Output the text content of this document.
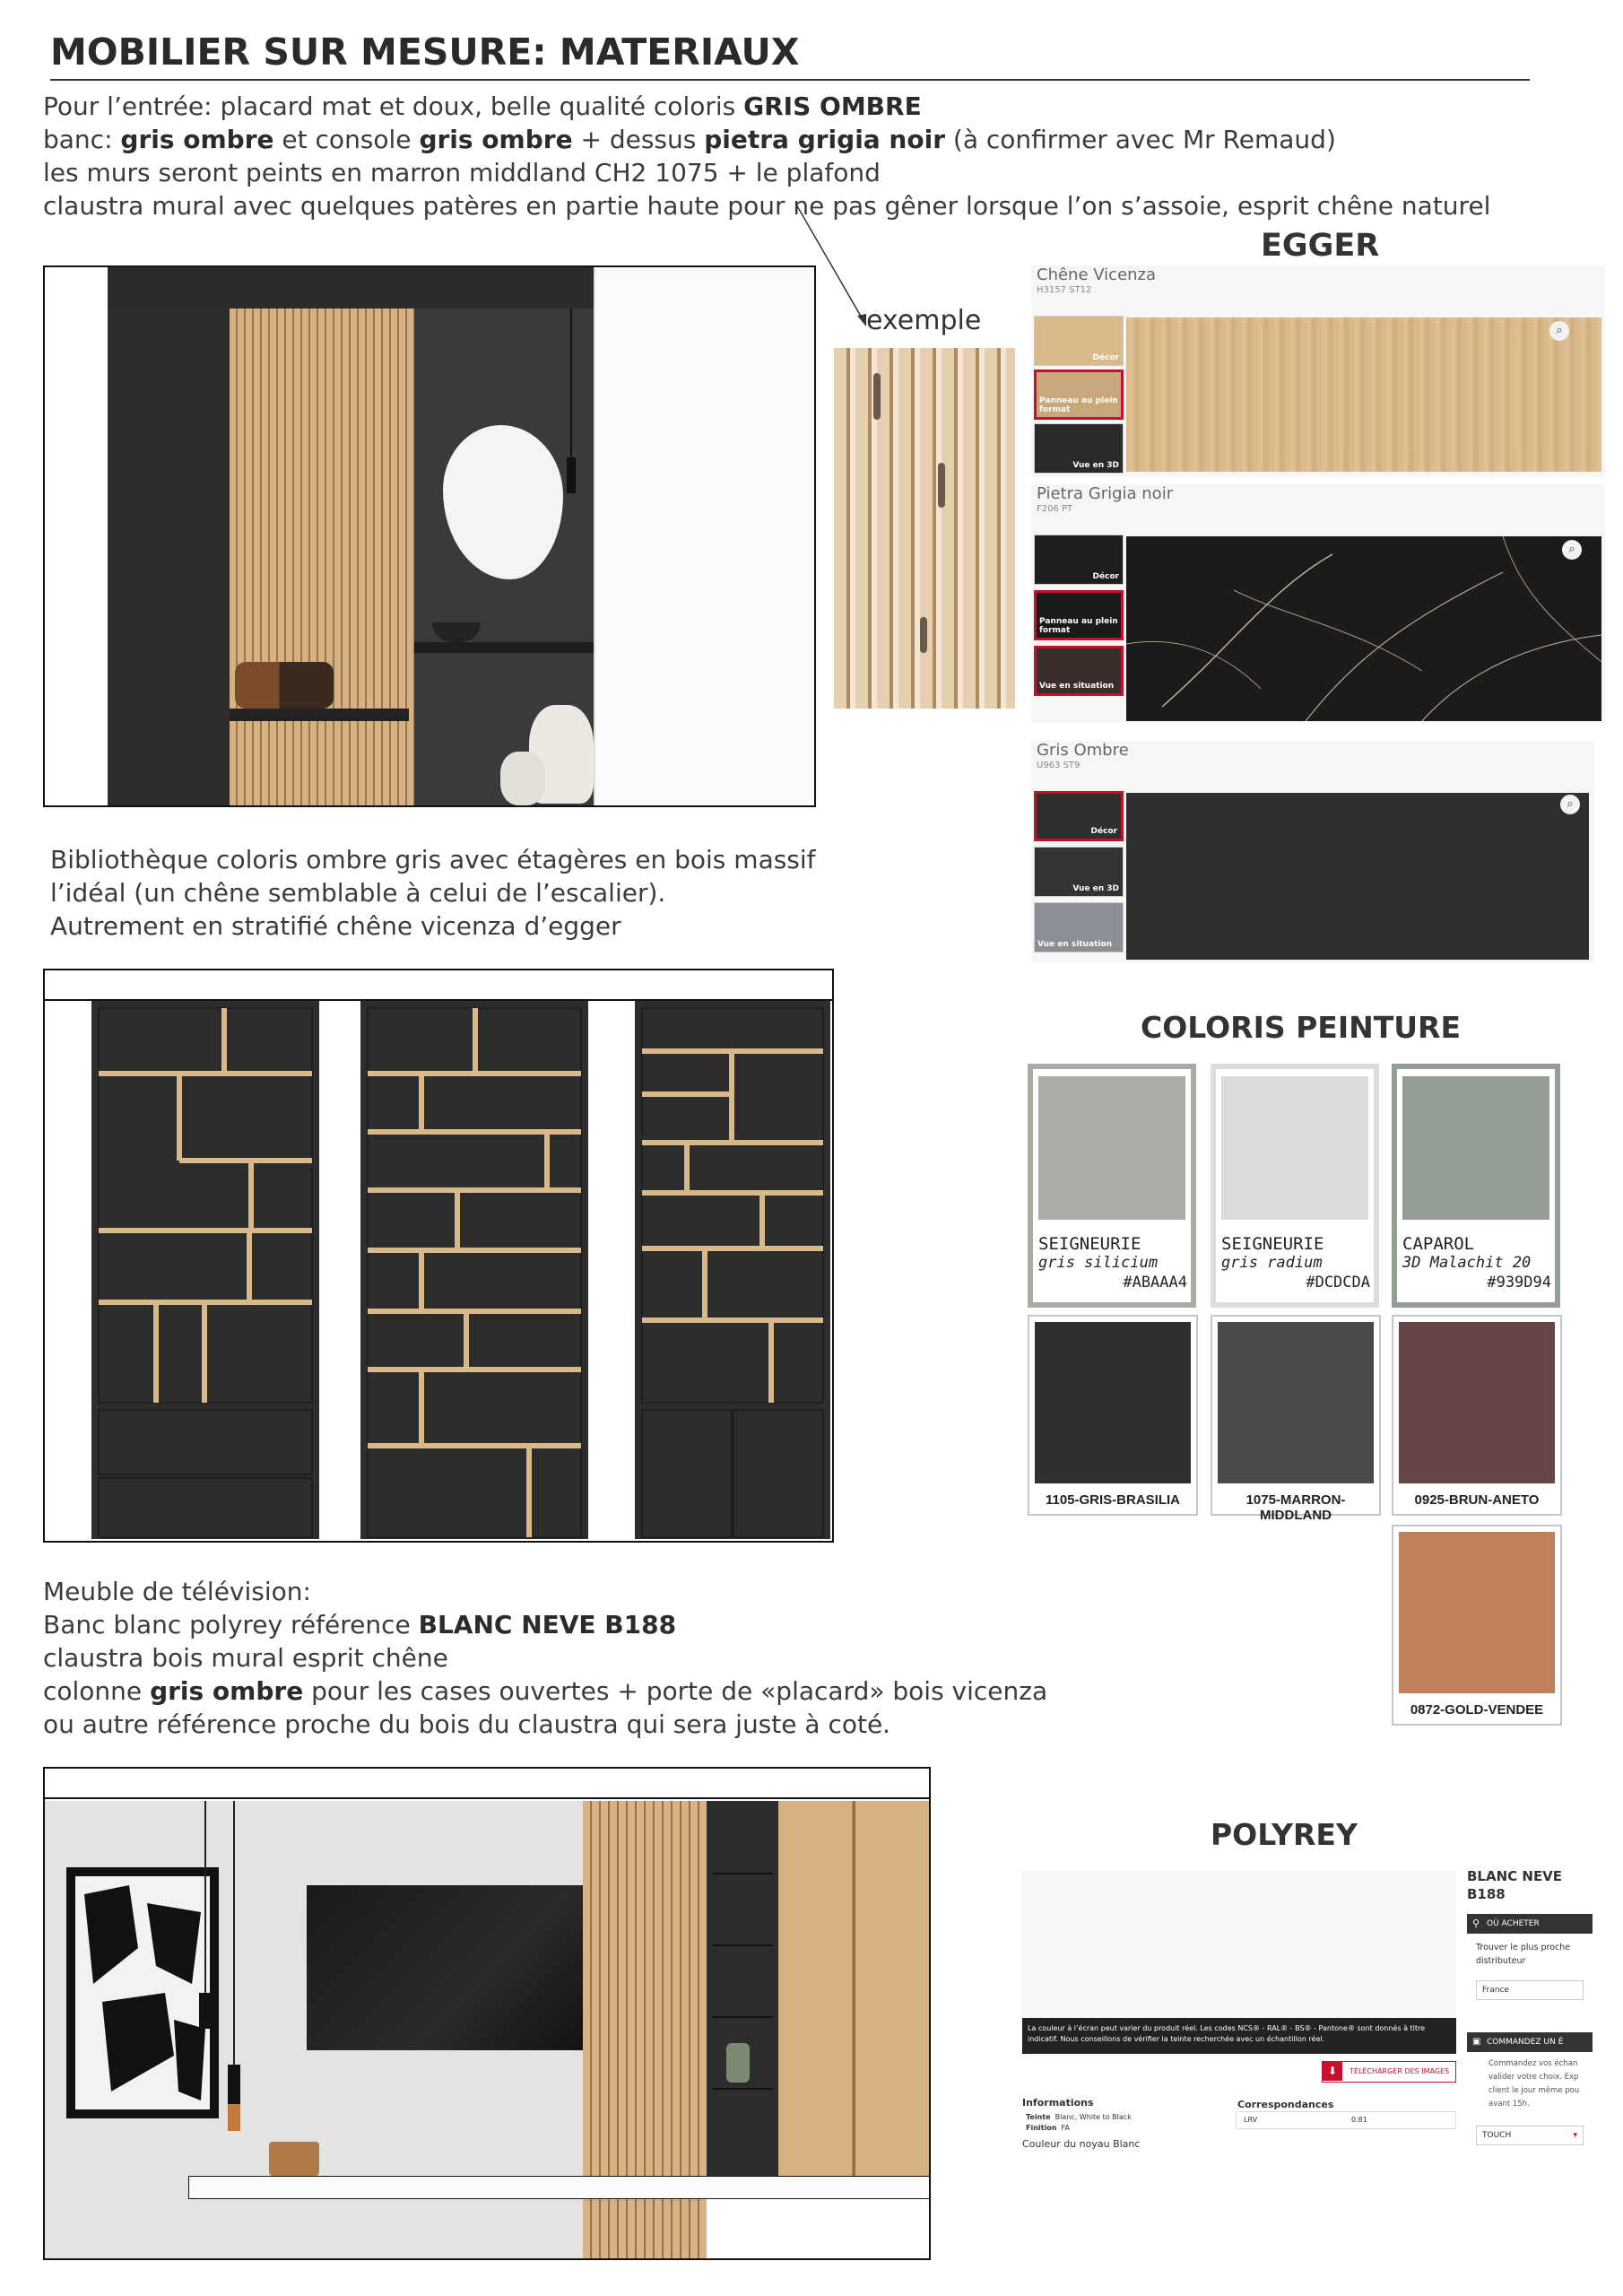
MOBILIER SUR MESURE: MATERIAUX
Pour l’entrée: placard mat et doux, belle qualité coloris GRIS OMBRE
banc: gris ombre et console gris ombre + dessus pietra grigia noir (à confirmer avec Mr Remaud)
les murs seront peints en marron middland CH2 1075 + le plafond
claustra mural avec quelques patères en partie haute pour ne pas gêner lorsque l’on s’assoie, esprit chêne naturel
exemple
EGGER
Chêne Vicenza
H3157 ST12
Décor
Panneau au plein format
Vue en 3D
⌕
Pietra Grigia noir
F206 PT
Décor
Panneau au plein format
Vue en situation
⌕
Gris Ombre
U963 ST9
Décor
Vue en 3D
Vue en situation
⌕
Bibliothèque coloris ombre gris avec étagères en bois massif
l’idéal (un chêne semblable à celui de l’escalier).
Autrement en stratifié chêne vicenza d’egger
COLORIS PEINTURE
SEIGNEURIE
gris silicium
#ABAAA4
SEIGNEURIE
gris radium
#DCDCDA
CAPAROL
3D Malachit 20
#939D94
1105-GRIS-BRASILIA	1075-MARRON-MIDDLAND
0925-BRUN-ANETO
0872-GOLD-VENDEE
Meuble de télévision:
Banc blanc polyrey référence BLANC NEVE B188
claustra bois mural esprit chêne
colonne gris ombre pour les cases ouvertes + porte de «placard» bois vicenza
ou autre référence proche du bois du claustra qui sera juste à coté.
POLYREY
La couleur à l’écran peut varier du produit réel. Les codes NCS® - RAL® - BS® - Pantone® sont donnés à titre indicatif. Nous conseillons de vérifier la teinte recherchée avec un échantillon réel.
⬇	TÉLÉCHARGER DES IMAGES
Informations
Teinte Blanc, White to Black
Finition FA
Couleur du noyau Blanc
Correspondances
LRV	0.81
BLANC NEVE B188
⚲ OÙ ACHETER
Trouver le plus proche distributeur
France
▣ COMMANDEZ UN É
Commandez vos échan valider votre choix. Exp client le jour même pou avant 15h.
TOUCH	▾
